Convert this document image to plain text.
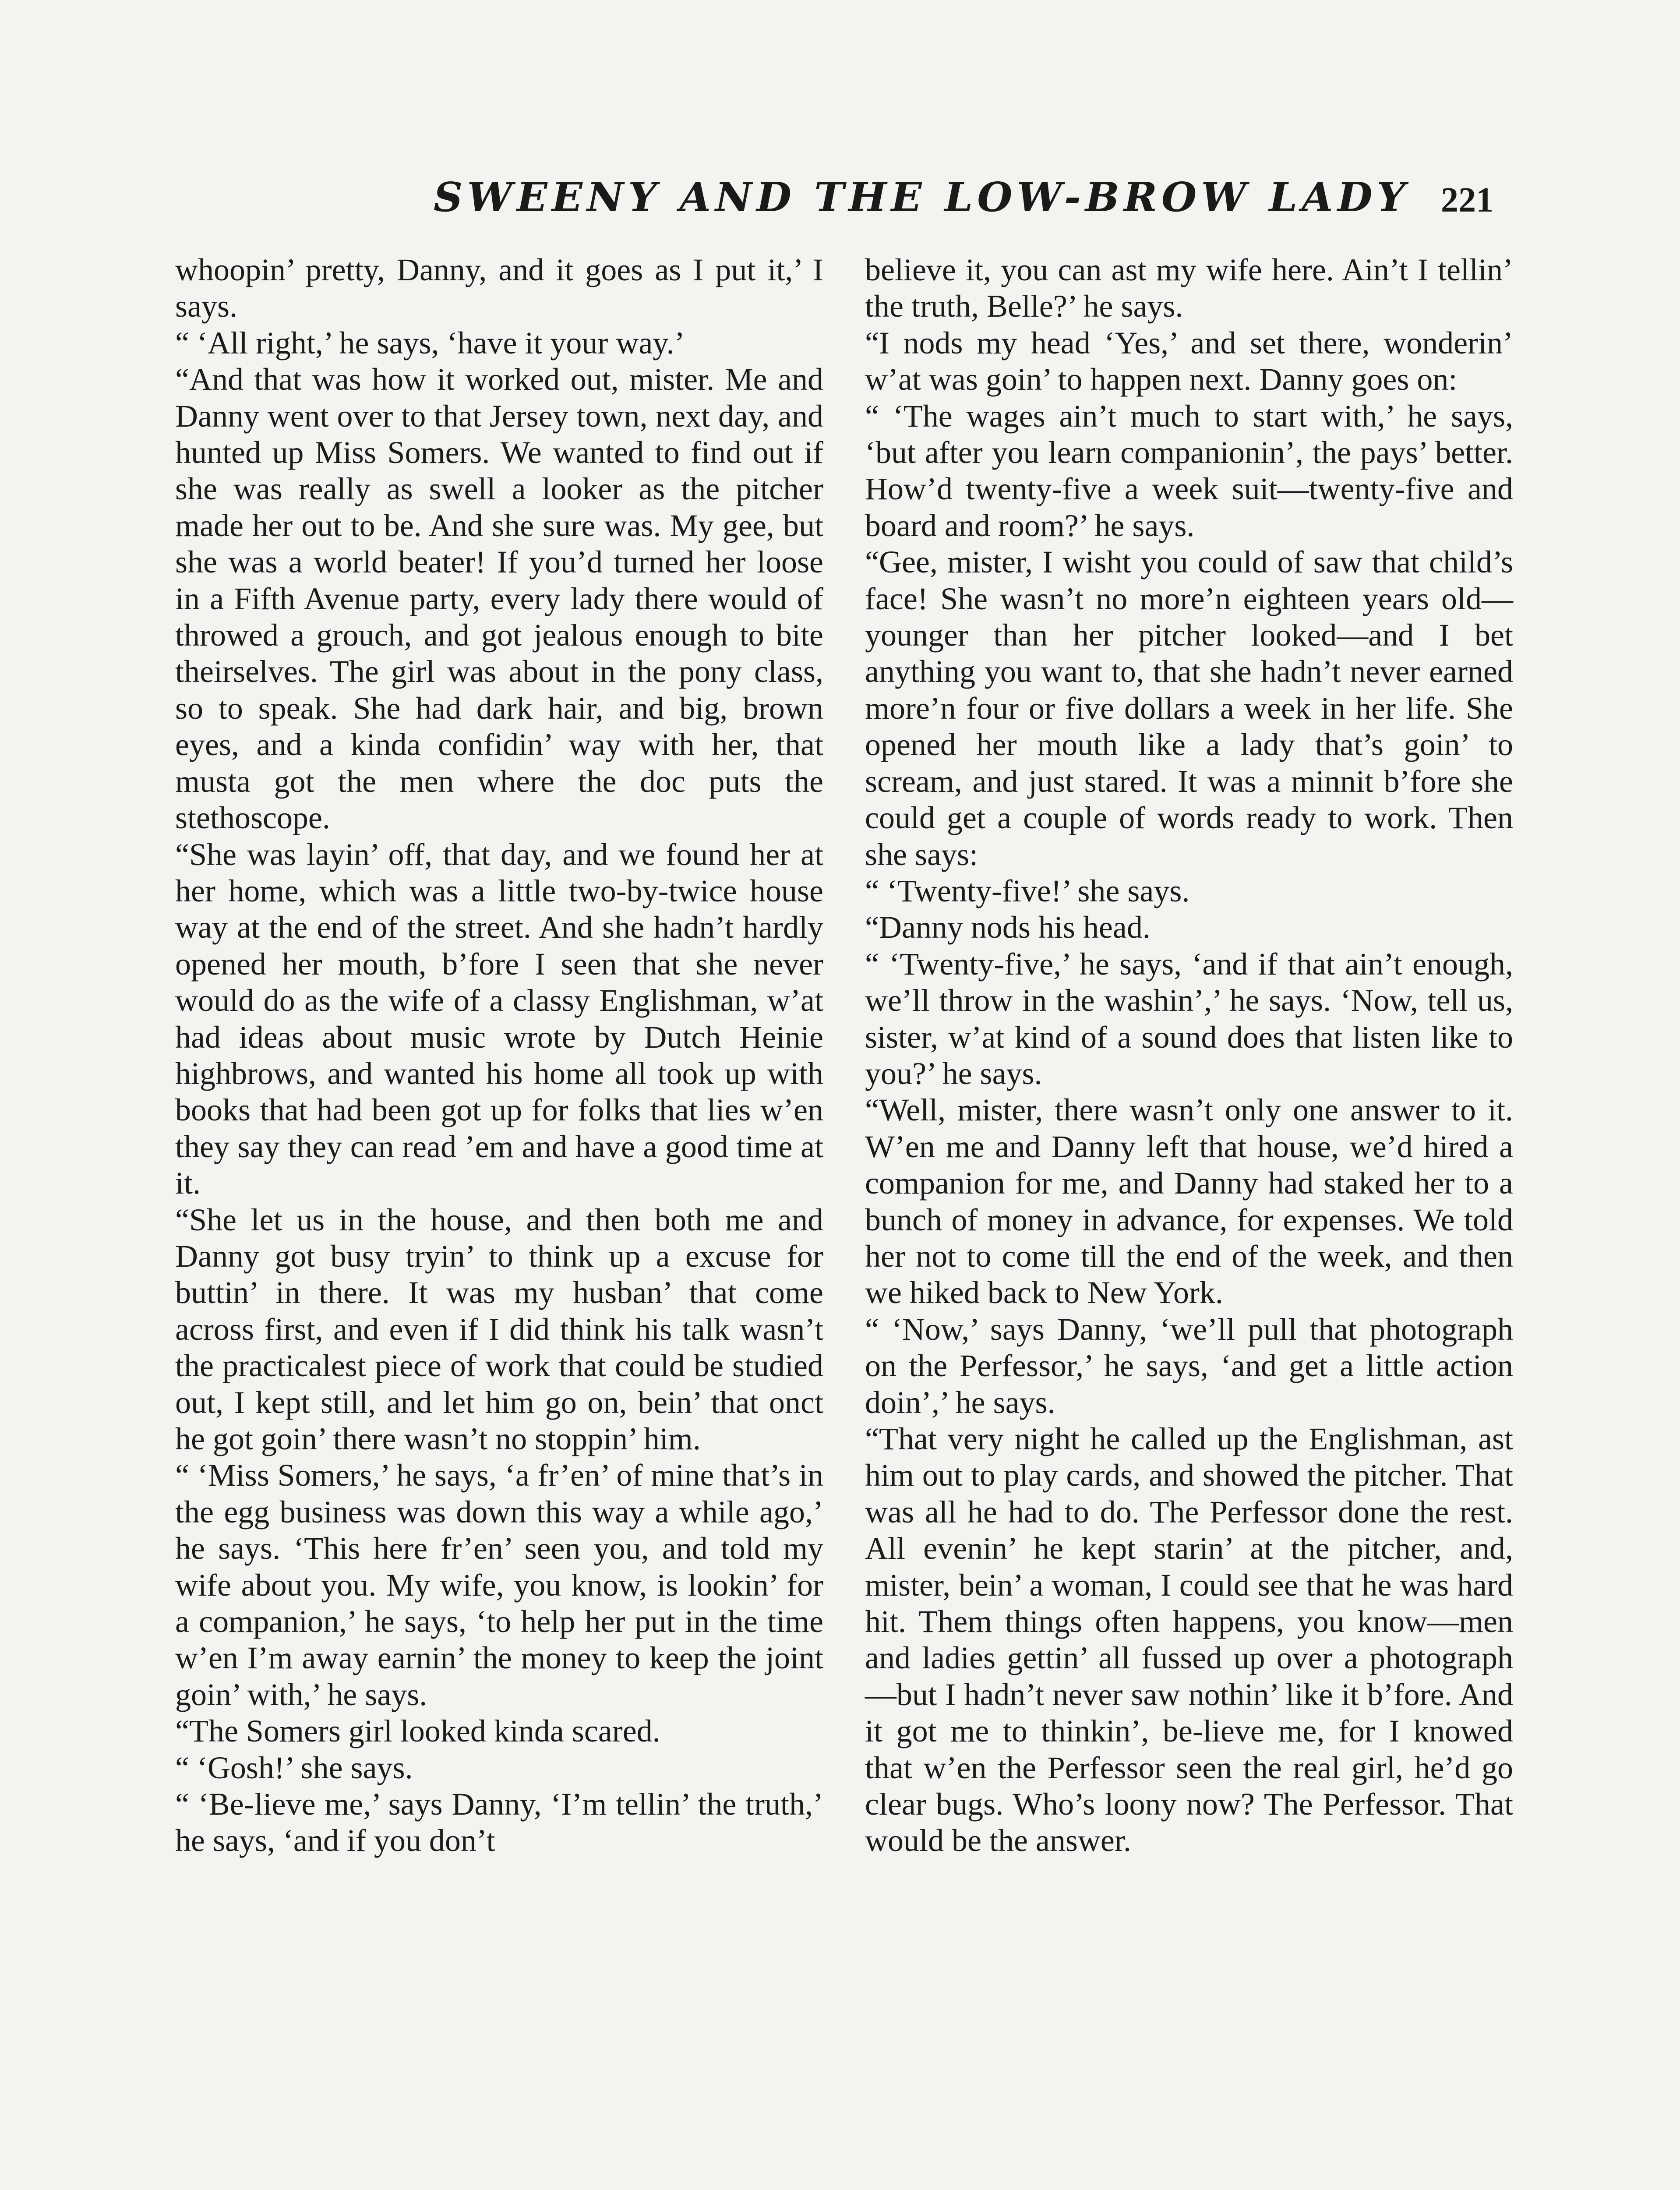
SWEENY AND THE LOW-BROW LADY 221

whoopin’ pretty, Danny, and it goes as I put it,’ I says.

“ ‘All right,’ he says, ‘have it your way.’

“And that was how it worked out, mister. Me and Danny went over to that Jersey town, next day, and hunted up Miss Somers. We wanted to find out if she was really as swell a looker as the pitcher made her out to be. And she sure was. My gee, but she was a world beater! If you’d turned her loose in a Fifth Avenue party, every lady there would of throwed a grouch, and got jealous enough to bite theirselves. The girl was about in the pony class, so to speak. She had dark hair, and big, brown eyes, and a kinda confidin’ way with her, that musta got the men where the doc puts the stethoscope.

“She was layin’ off, that day, and we found her at her home, which was a little two-by-twice house way at the end of the street. And she hadn’t hardly opened her mouth, b’fore I seen that she never would do as the wife of a classy Englishman, w’at had ideas about music wrote by Dutch Heinie highbrows, and wanted his home all took up with books that had been got up for folks that lies w’en they say they can read ’em and have a good time at it.

“She let us in the house, and then both me and Danny got busy tryin’ to think up a excuse for buttin’ in there. It was my husban’ that come across first, and even if I did think his talk wasn’t the practicalest piece of work that could be studied out, I kept still, and let him go on, bein’ that onct he got goin’ there wasn’t no stoppin’ him.

“ ‘Miss Somers,’ he says, ‘a fr’en’ of mine that’s in the egg business was down this way a while ago,’ he says. ‘This here fr’en’ seen you, and told my wife about you. My wife, you know, is lookin’ for a companion,’ he says, ‘to help her put in the time w’en I’m away earnin’ the money to keep the joint goin’ with,’ he says.

“The Somers girl looked kinda scared.

“ ‘Gosh!’ she says.

“ ‘Be-lieve me,’ says Danny, ‘I’m tellin’ the truth,’ he says, ‘and if you don’t

believe it, you can ast my wife here. Ain’t I tellin’ the truth, Belle?’ he says.

“I nods my head ‘Yes,’ and set there, wonderin’ w’at was goin’ to happen next. Danny goes on:

“ ‘The wages ain’t much to start with,’ he says, ‘but after you learn companionin’, the pays’ better. How’d twenty-five a week suit—twenty-five and board and room?’ he says.

“Gee, mister, I wisht you could of saw that child’s face! She wasn’t no more’n eighteen years old—younger than her pitcher looked—and I bet anything you want to, that she hadn’t never earned more’n four or five dollars a week in her life. She opened her mouth like a lady that’s goin’ to scream, and just stared. It was a minnit b’fore she could get a couple of words ready to work. Then she says:

“ ‘Twenty-five!’ she says.

“Danny nods his head.

“ ‘Twenty-five,’ he says, ‘and if that ain’t enough, we’ll throw in the washin’,’ he says. ‘Now, tell us, sister, w’at kind of a sound does that listen like to you?’ he says.

“Well, mister, there wasn’t only one answer to it. W’en me and Danny left that house, we’d hired a companion for me, and Danny had staked her to a bunch of money in advance, for expenses. We told her not to come till the end of the week, and then we hiked back to New York.

“ ‘Now,’ says Danny, ‘we’ll pull that photograph on the Perfessor,’ he says, ‘and get a little action doin’,’ he says.

“That very night he called up the Englishman, ast him out to play cards, and showed the pitcher. That was all he had to do. The Perfessor done the rest. All evenin’ he kept starin’ at the pitcher, and, mister, bein’ a woman, I could see that he was hard hit. Them things often happens, you know—men and ladies gettin’ all fussed up over a photograph—but I hadn’t never saw nothin’ like it b’fore. And it got me to thinkin’, be-lieve me, for I knowed that w’en the Perfessor seen the real girl, he’d go clear bugs. Who’s loony now? The Perfessor. That would be the answer.
